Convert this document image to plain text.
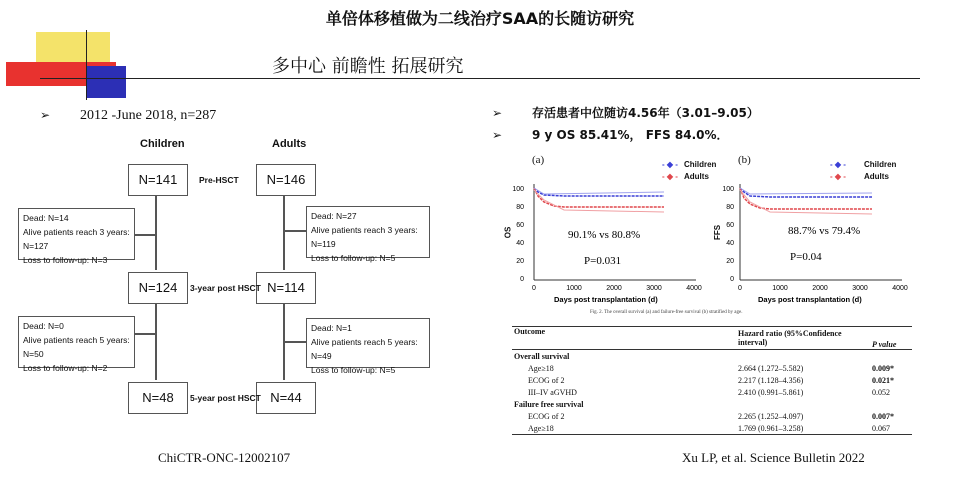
单倍体移植做为二线治疗SAA的长随访研究
多中心 前瞻性 拓展研究
➢ 2012 -June 2018, n=287
Children	Adults
N=141
N=124
N=48
N=146
N=114
N=44
Pre-HSCT
3-year post HSCT
5-year post HSCT
Dead: N=14
Alive patients reach 3 years: N=127
Loss to follow-up: N=3
Dead: N=0
Alive patients reach 5 years: N=50
Loss to follow-up: N=2
Dead: N=27
Alive patients reach 3 years: N=119
Loss to follow-up: N=5
Dead: N=1
Alive patients reach 5 years: N=49
Loss to follow-up: N=5
ChiCTR-ONC-12002107
➢ 存活患者中位随访4.56年（3.01–9.05）
➢ 9 y OS 85.41%， FFS 84.0%．
(a)	- ◆ - Children
- ◆ - Adults
OS
100
80
60
40
20
0
0	1000	2000	3000	4000
90.1% vs 80.8%
P=0.031
Days post transplantation (d)
(b)	- ◆ - Children
- ◆ - Adults
FFS
100
80
60
40
20
0
0	1000	2000	3000	4000
88.7% vs 79.4%
P=0.04
Days post transplantation (d)
Fig. 2. The overall survival (a) and failure-free survival (b) stratified by age.
Outcome	Hazard ratio (95%Confidence interval)	P value
Overall survival		
Age≥18	2.664 (1.272–5.582)	0.009*
ECOG of 2	2.217 (1.128–4.356)	0.021*
III–IV aGVHD	2.410 (0.991–5.861)	0.052
Failure free survival		
ECOG of 2	2.265 (1.252–4.097)	0.007*
Age≥18	1.769 (0.961–3.258)	0.067
Xu LP, et al. Science Bulletin 2022
